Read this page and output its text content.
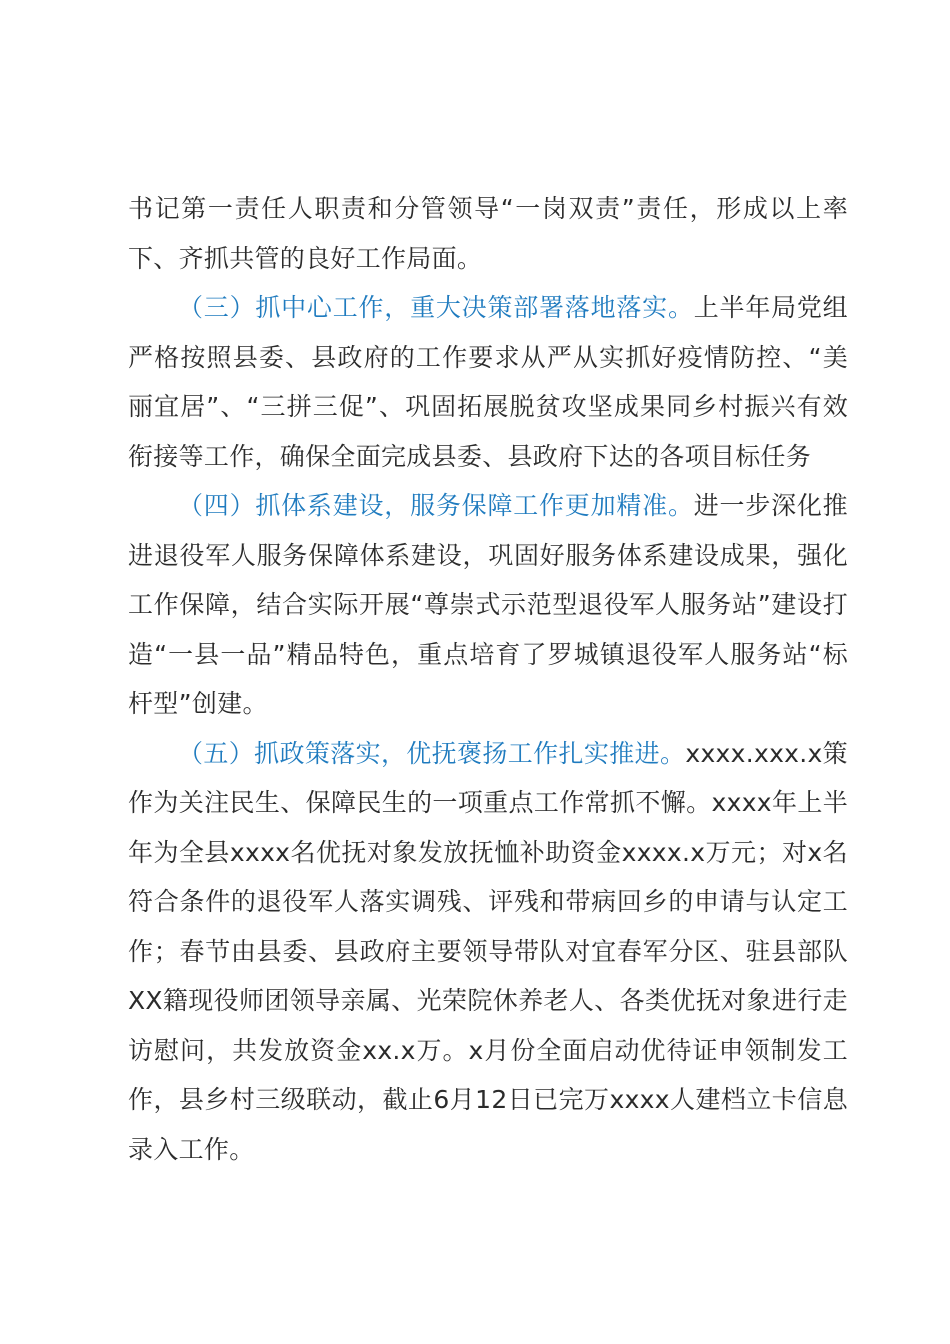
书记第一责任人职责和分管领导“一岗双责”责任，形成以上率下、齐抓共管的良好工作局面。

（三）抓中心工作，重大决策部署落地落实。上半年局党组严格按照县委、县政府的工作要求从严从实抓好疫情防控、“美丽宜居”、“三拼三促”、巩固拓展脱贫攻坚成果同乡村振兴有效衔接等工作，确保全面完成县委、县政府下达的各项目标任务

（四）抓体系建设，服务保障工作更加精准。进一步深化推进退役军人服务保障体系建设，巩固好服务体系建设成果，强化工作保障，结合实际开展“尊崇式示范型退役军人服务站”建设打造“一县一品”精品特色，重点培育了罗城镇退役军人服务站“标杆型”创建。

（五）抓政策落实，优抚褒扬工作扎实推进。xxxx.xxx.x策作为关注民生、保障民生的一项重点工作常抓不懈。xxxx年上半年为全县xxxx名优抚对象发放抚恤补助资金xxxx.x万元；对x名符合条件的退役军人落实调残、评残和带病回乡的申请与认定工作；春节由县委、县政府主要领导带队对宜春军分区、驻县部队XX籍现役师团领导亲属、光荣院休养老人、各类优抚对象进行走访慰问，共发放资金xx.x万。x月份全面启动优待证申领制发工作，县乡村三级联动，截止6月12日已完万xxxx人建档立卡信息录入工作。
